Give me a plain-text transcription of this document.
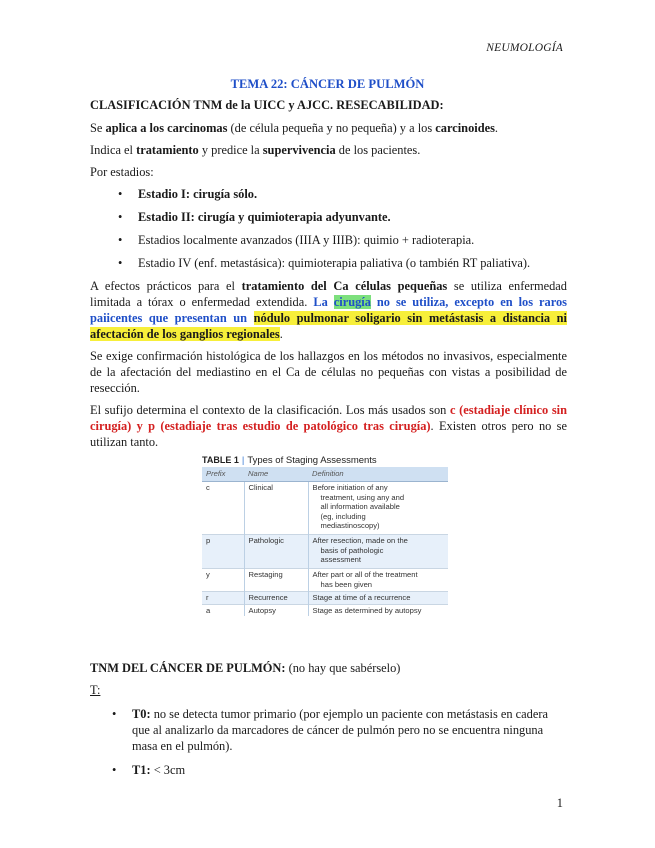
NEUMOLOGÍA
TEMA 22: CÁNCER DE PULMÓN

CLASIFICACIÓN TNM de la UICC y AJCC. RESECABILIDAD:

Se aplica a los carcinomas (de célula pequeña y no pequeña) y a los carcinoides.

Indica el tratamiento y predice la supervivencia de los pacientes.

Por estadios:

• Estadio I: cirugía sólo.
• Estadio II: cirugía y quimioterapia adyunvante.
• Estadios localmente avanzados (IIIA y IIIB): quimio + radioterapia.
• Estadio IV (enf. metastásica): quimioterapia paliativa (o también RT paliativa).

A efectos prácticos para el tratamiento del Ca células pequeñas se utiliza enfermedad limitada a tórax o enfermedad extendida. La cirugía no se utiliza, excepto en los raros paiicentes que presentan un nódulo pulmonar soligario sin metástasis a distancia ni afectación de los ganglios regionales.

Se exige confirmación histológica de los hallazgos en los métodos no invasivos, especialmente de la afectación del mediastino en el Ca de células no pequeñas con vistas a posibilidad de resección.

El sufijo determina el contexto de la clasificación. Los más usados son c (estadiaje clínico sin cirugía) y p (estadiaje tras estudio de patológico tras cirugía). Existen otros pero no se utilizan tanto.

TABLE 1 | Types of Staging Assessments
Prefix	Name	Definition
c	Clinical	Before initiation of any
treatment, using any and
all information available
(eg, including
mediastinoscopy)
p	Pathologic	After resection, made on the
basis of pathologic
assessment
y	Restaging	After part or all of the treatment
has been given
r	Recurrence	Stage at time of a recurrence
a	Autopsy	Stage as determined by autopsy

TNM DEL CÁNCER DE PULMÓN: (no hay que sabérselo)

T:

• T0: no se detecta tumor primario (por ejemplo un paciente con metástasis en cadera que al analizarlo da marcadores de cáncer de pulmón pero no se encuentra ninguna masa en el pulmón).
• T1: < 3cm
1
